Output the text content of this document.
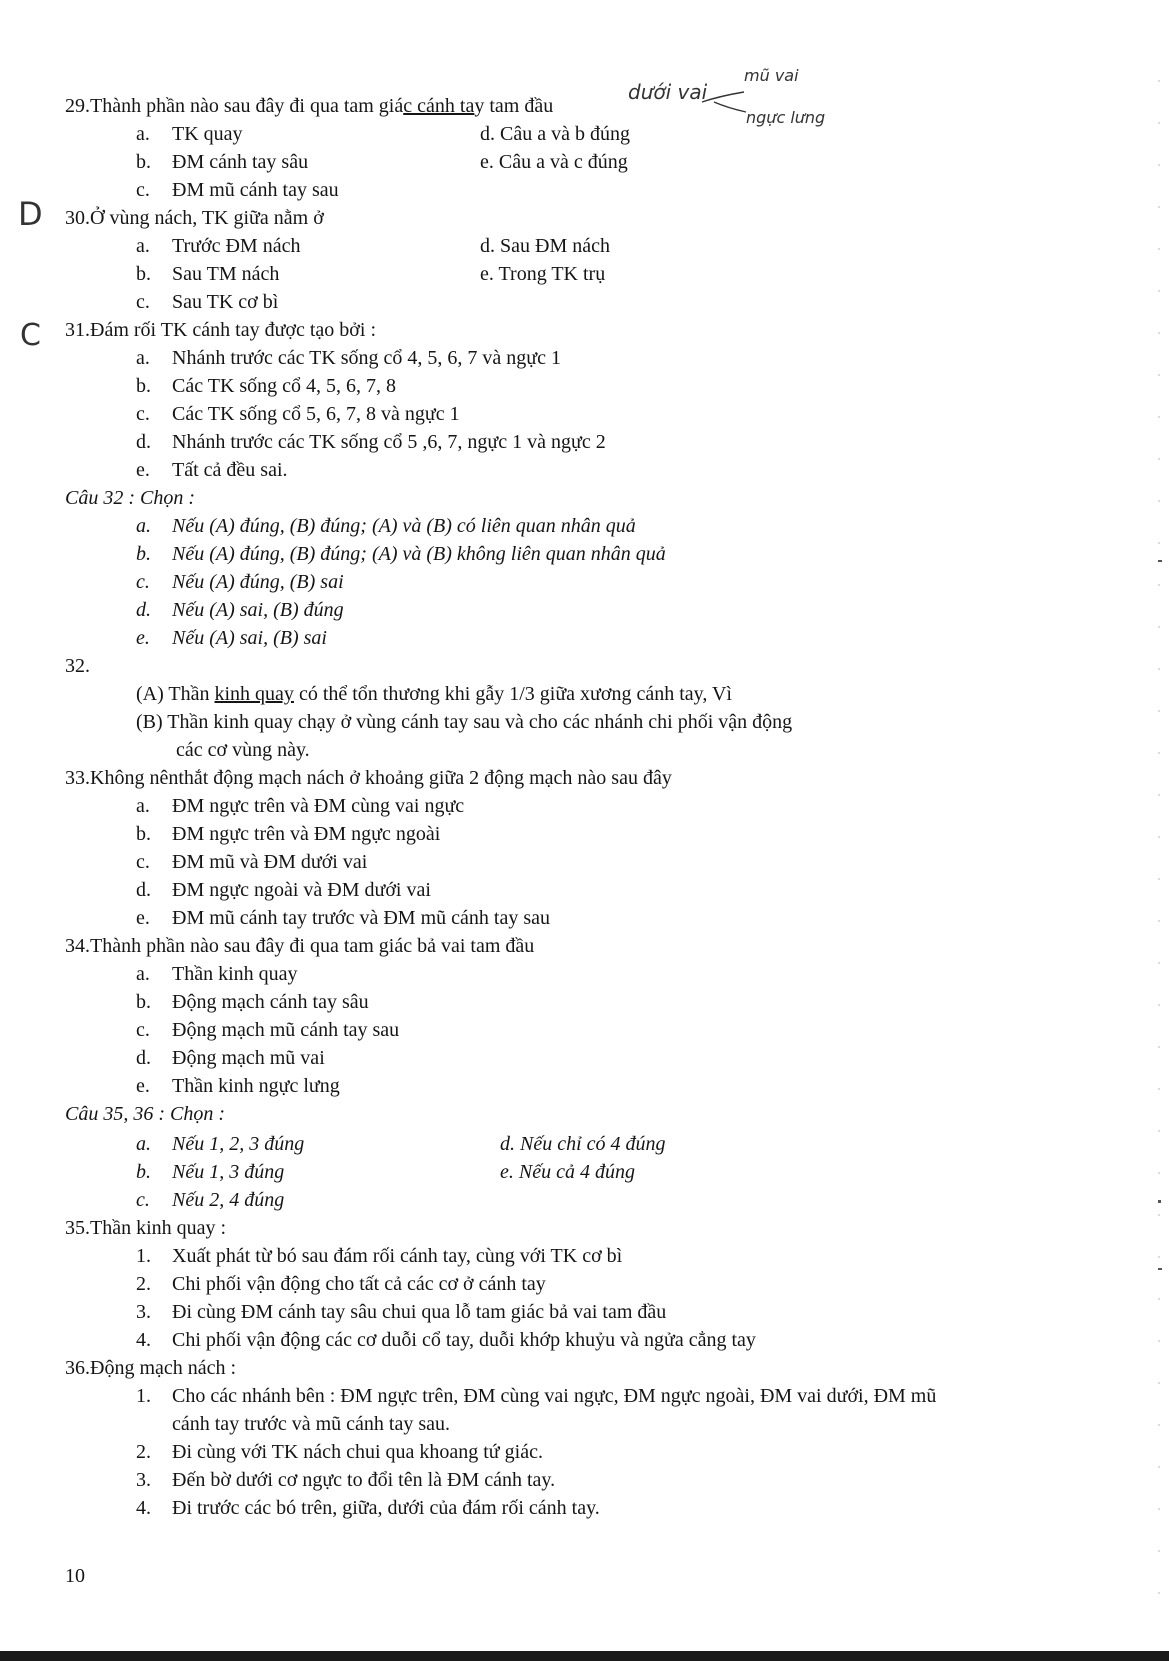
dưới vai
mũ vai
ngực lưng
D
C
29.Thành phần nào sau đây đi qua tam giác cánh tay tam đầu
a. TK quay	d. Câu a và b đúng
b. ĐM cánh tay sâu	e. Câu a và c đúng
c. ĐM mũ cánh tay sau
30.Ở vùng nách, TK giữa nằm ở
a. Trước ĐM nách	d. Sau ĐM nách
b. Sau TM nách	e. Trong TK trụ
c. Sau TK cơ bì
31.Đám rối TK cánh tay được tạo bởi :
a. Nhánh trước các TK sống cổ 4, 5, 6, 7 và ngực 1
b. Các TK sống cổ 4, 5, 6, 7, 8
c. Các TK sống cổ 5, 6, 7, 8 và ngực 1
d. Nhánh trước các TK sống cổ 5 ,6, 7, ngực 1 và ngực 2
e. Tất cả đều sai.
Câu 32 : Chọn :
a. Nếu (A) đúng, (B) đúng; (A) và (B) có liên quan nhân quả
b. Nếu (A) đúng, (B) đúng; (A) và (B) không liên quan nhân quả
c. Nếu (A) đúng, (B) sai
d. Nếu (A) sai, (B) đúng
e. Nếu (A) sai, (B) sai
32.
(A) Thần kinh quay có thể tổn thương khi gẫy 1/3 giữa xương cánh tay, Vì
(B) Thần kinh quay chạy ở vùng cánh tay sau và cho các nhánh chi phối vận động
các cơ vùng này.
33.Không nênthắt động mạch nách ở khoảng giữa 2 động mạch nào sau đây
a. ĐM ngực trên và ĐM cùng vai ngực
b. ĐM ngực trên và ĐM ngực ngoài
c. ĐM mũ và ĐM dưới vai
d. ĐM ngực ngoài và ĐM dưới vai
e. ĐM mũ cánh tay trước và ĐM mũ cánh tay sau
34.Thành phần nào sau đây đi qua tam giác bả vai tam đầu
a. Thần kinh quay
b. Động mạch cánh tay sâu
c. Động mạch mũ cánh tay sau
d. Động mạch mũ vai
e. Thần kinh ngực lưng
Câu 35, 36 : Chọn :
a. Nếu 1, 2, 3 đúng	d. Nếu chỉ có 4 đúng
b. Nếu 1, 3 đúng	e. Nếu cả 4 đúng
c. Nếu 2, 4 đúng
35.Thần kinh quay :
1. Xuất phát từ bó sau đám rối cánh tay, cùng với TK cơ bì
2. Chi phối vận động cho tất cả các cơ ở cánh tay
3. Đi cùng ĐM cánh tay sâu chui qua lỗ tam giác bả vai tam đầu
4. Chi phối vận động các cơ duỗi cổ tay, duỗi khớp khuỷu và ngửa cẳng tay
36.Động mạch nách :
1. Cho các nhánh bên : ĐM ngực trên, ĐM cùng vai ngực, ĐM ngực ngoài, ĐM vai dưới, ĐM mũ
cánh tay trước và mũ cánh tay sau.
2. Đi cùng với TK nách chui qua khoang tứ giác.
3. Đến bờ dưới cơ ngực to đổi tên là ĐM cánh tay.
4. Đi trước các bó trên, giữa, dưới của đám rối cánh tay.
10
